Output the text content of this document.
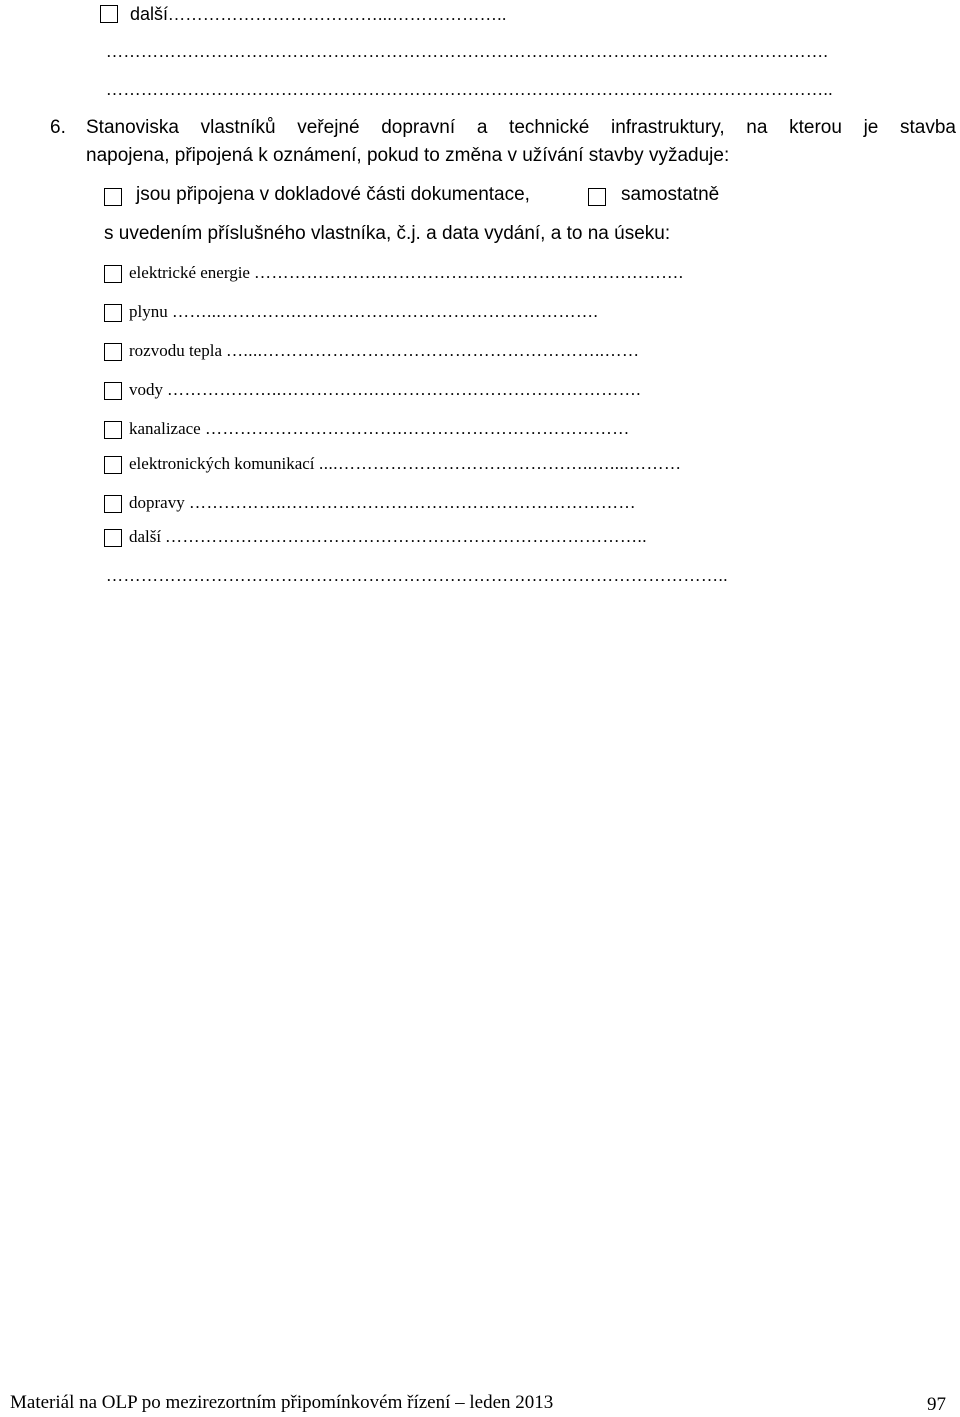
další ………………………………...………………..
…………………………………………………………………………………………………………….
……………………………………………………………………………………………………………..
6. Stanoviska vlastníků veřejné dopravní a technické infrastruktury, na kterou je stavba
napojena, připojená k oznámení, pokud to změna v užívání stavby vyžaduje:
jsou připojena v dokladové části dokumentace,	samostatně
s uvedením příslušného vlastníka, č.j. a data vydání, a to na úseku:
elektrické energie ………………….…………………………………………….
plynu ……...………….…………………………………………….
rozvodu tepla …....…………………………………………………..……
vody ………………..…………….……………………………………….
kanalizace …………………………….…………………………………
elektronických komunikací ....……………………………………..…....………
dopravy ……………..……………………………………………………
další ………………………………………………………………………..
……………………………………………………………………………………………..
Materiál na OLP po mezirezortním připomínkovém řízení – leden 2013	97
